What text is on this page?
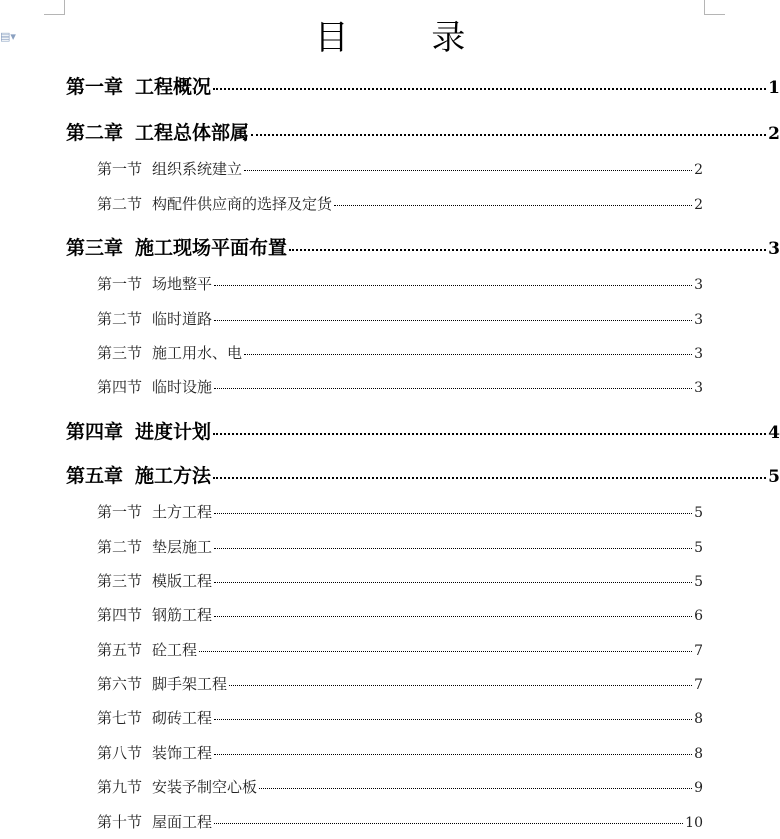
▤▾	目 录
第一章 工程概况	1
第二章 工程总体部属	2
第一节 组织系统建立	2
第二节 构配件供应商的选择及定货	2
第三章 施工现场平面布置	3
第一节 场地整平	3
第二节 临时道路	3
第三节 施工用水、电	3
第四节 临时设施	3
第四章 进度计划	4
第五章 施工方法	5
第一节 土方工程	5
第二节 垫层施工	5
第三节 模版工程	5
第四节 钢筋工程	6
第五节 砼工程	7
第六节 脚手架工程	7
第七节 砌砖工程	8
第八节 装饰工程	8
第九节 安装予制空心板	9
第十节 屋面工程	10
